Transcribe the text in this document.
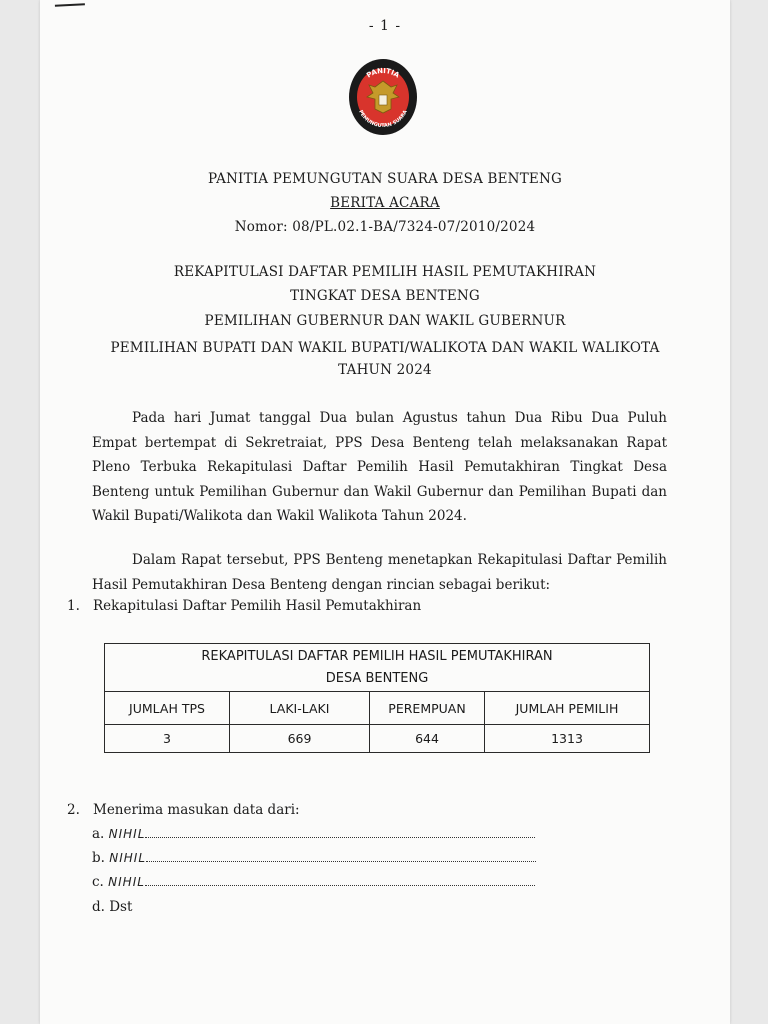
- 1 -
PANITIA
PEMUNGUTAN SUARA
PANITIA PEMUNGUTAN SUARA DESA BENTENG
BERITA ACARA
Nomor: 08/PL.02.1-BA/7324-07/2010/2024
REKAPITULASI DAFTAR PEMILIH HASIL PEMUTAKHIRAN
TINGKAT DESA BENTENG
PEMILIHAN GUBERNUR DAN WAKIL GUBERNUR
PEMILIHAN BUPATI DAN WAKIL BUPATI/WALIKOTA DAN WAKIL WALIKOTA
TAHUN 2024
Pada hari Jumat tanggal Dua bulan Agustus tahun Dua Ribu Dua Puluh Empat bertempat di Sekretraiat, PPS Desa Benteng telah melaksanakan Rapat Pleno Terbuka Rekapitulasi Daftar Pemilih Hasil Pemutakhiran Tingkat Desa Benteng untuk Pemilihan Gubernur dan Wakil Gubernur dan Pemilihan Bupati dan Wakil Bupati/Walikota dan Wakil Walikota Tahun 2024.
Dalam Rapat tersebut, PPS Benteng menetapkan Rekapitulasi Daftar Pemilih Hasil Pemutakhiran Desa Benteng dengan rincian sebagai berikut:
1. Rekapitulasi Daftar Pemilih Hasil Pemutakhiran
REKAPITULASI DAFTAR PEMILIH HASIL PEMUTAKHIRAN
DESA BENTENG			

JUMLAH TPS	LAKI-LAKI	PEREMPUAN	JUMLAH PEMILIH
3	669	644	1313
2. Menerima masukan data dari:
a. NIHIL
b. NIHIL
c. NIHIL
d. Dst
